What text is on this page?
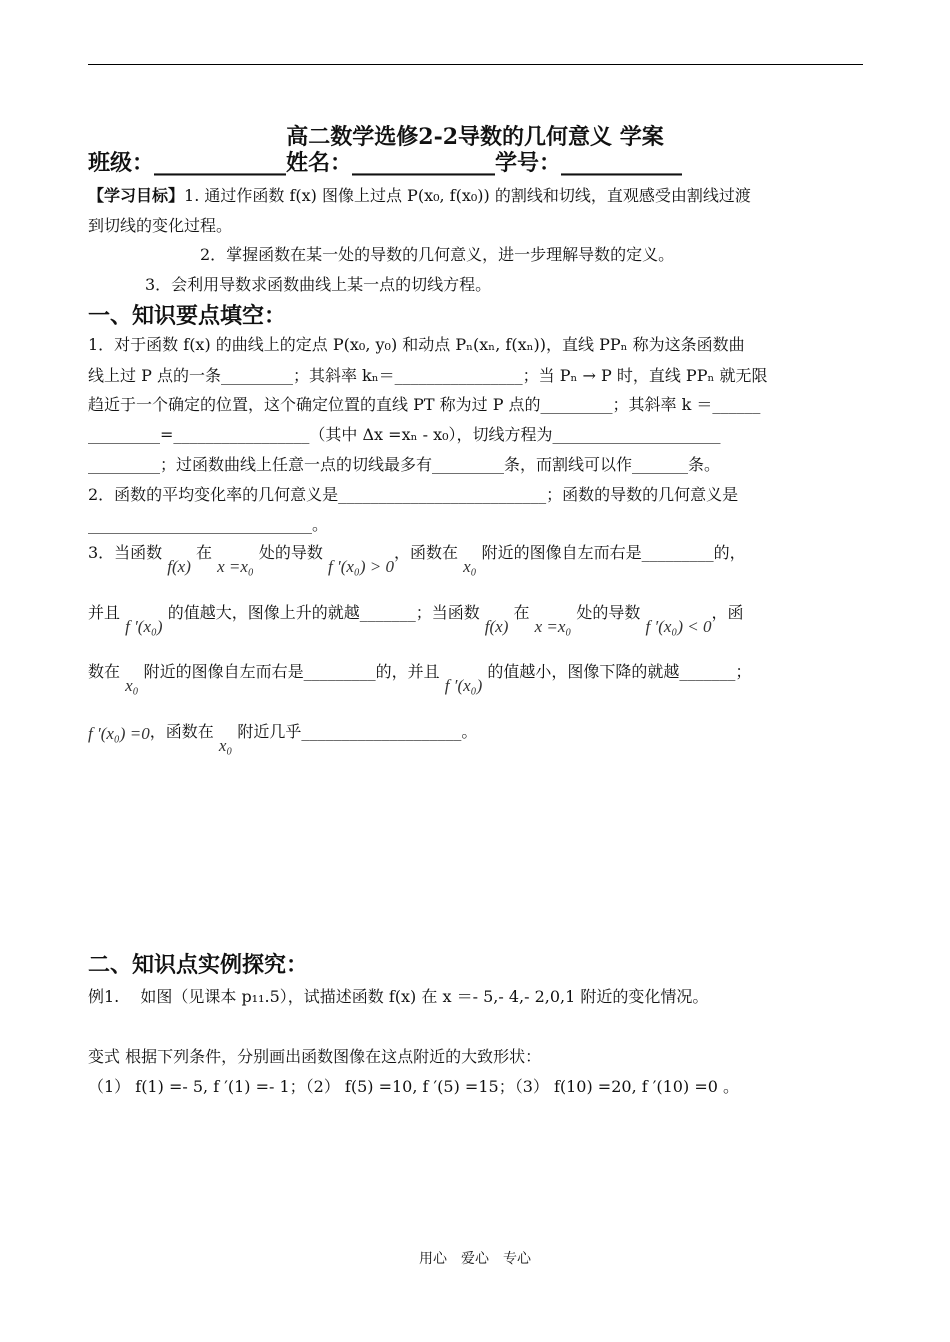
高二数学选修2-2导数的几何意义 学案
班级：____________姓名：_____________学号：___________
【学习目标】1. 通过作函数 f(x) 图像上过点 P(x₀, f(x₀)) 的割线和切线，直观感受由割线过渡
到切线的变化过程。
2．掌握函数在某一处的导数的几何意义，进一步理解导数的定义。
3．会利用导数求函数曲线上某一点的切线方程。
一、知识要点填空：
1．对于函数 f(x) 的曲线上的定点 P(x₀, y₀) 和动点 Pₙ(xₙ, f(xₙ))，直线 PPₙ 称为这条函数曲
线上过 P 点的一条_________；其斜率 kₙ＝________________；当 Pₙ → P 时，直线 PPₙ 就无限
趋近于一个确定的位置，这个确定位置的直线 PT 称为过 P 点的_________；其斜率 k ＝______
_________=_________________（其中 Δx =xₙ - x₀），切线方程为_____________________
_________；过函数曲线上任意一点的切线最多有_________条，而割线可以作_______条。
2．函数的平均变化率的几何意义是__________________________；函数的导数的几何意义是
____________________________。
3．当函数 f(x) 在 x =x₀ 处的导数 f ′(x₀) > 0，函数在 x₀ 附近的图像自左而右是_________的，
并且 f ′(x₀) 的值越大，图像上升的就越_______；当函数 f(x) 在 x =x₀ 处的导数 f ′(x₀) < 0，函
数在 x₀ 附近的图像自左而右是_________的，并且 f ′(x₀) 的值越小，图像下降的就越_______；
f ′(x₀) =0，函数在 x₀ 附近几乎____________________。
二、知识点实例探究：
例1.　 如图（见课本 p₁₁.5），试描述函数 f(x) 在 x ＝- 5,- 4,- 2,0,1 附近的变化情况。
变式 根据下列条件，分别画出函数图像在这点附近的大致形状：
（1） f(1) =- 5, f ′(1) =- 1；（2） f(5) =10, f ′(5) =15；（3） f(10) =20, f ′(10) =0 。
用心　爱心　专心
